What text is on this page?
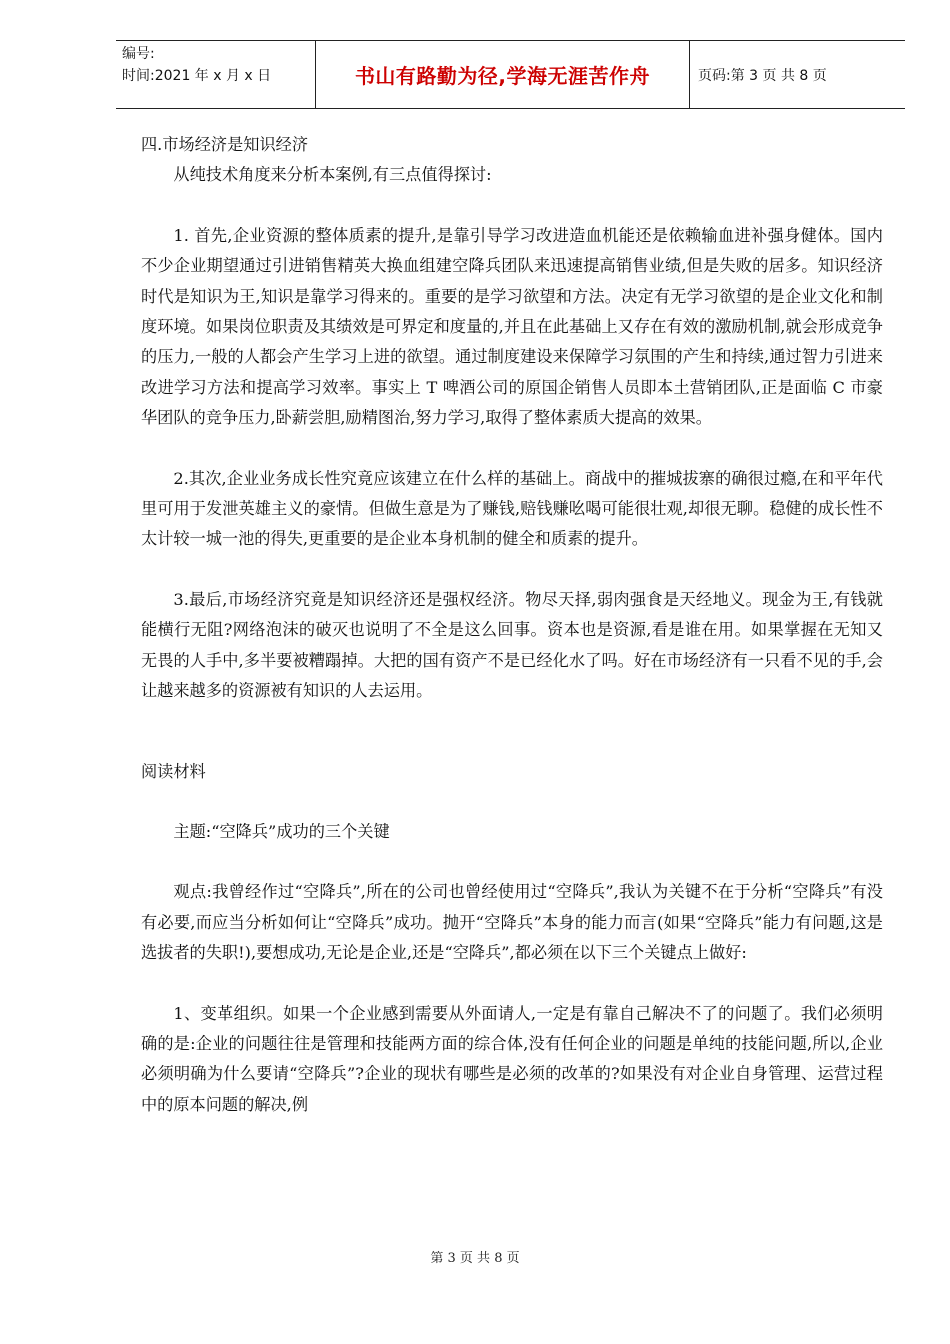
编号:
时间:2021 年 x 月 x 日	书山有路勤为径,学海无涯苦作舟	页码:第 3 页 共 8 页

四.市场经济是知识经济

从纯技术角度来分析本案例,有三点值得探讨:

1. 首先,企业资源的整体质素的提升,是靠引导学习改进造血机能还是依赖输血进补强身健体。国内不少企业期望通过引进销售精英大换血组建空降兵团队来迅速提高销售业绩,但是失败的居多。知识经济时代是知识为王,知识是靠学习得来的。重要的是学习欲望和方法。决定有无学习欲望的是企业文化和制度环境。如果岗位职责及其绩效是可界定和度量的,并且在此基础上又存在有效的激励机制,就会形成竞争的压力,一般的人都会产生学习上进的欲望。通过制度建设来保障学习氛围的产生和持续,通过智力引进来改进学习方法和提高学习效率。事实上 T 啤酒公司的原国企销售人员即本土营销团队,正是面临 C 市豪华团队的竞争压力,卧薪尝胆,励精图治,努力学习,取得了整体素质大提高的效果。

2.其次,企业业务成长性究竟应该建立在什么样的基础上。商战中的摧城拔寨的确很过瘾,在和平年代里可用于发泄英雄主义的豪情。但做生意是为了赚钱,赔钱赚吆喝可能很壮观,却很无聊。稳健的成长性不太计较一城一池的得失,更重要的是企业本身机制的健全和质素的提升。

3.最后,市场经济究竟是知识经济还是强权经济。物尽天择,弱肉强食是天经地义。现金为王,有钱就能横行无阻?网络泡沫的破灭也说明了不全是这么回事。资本也是资源,看是谁在用。如果掌握在无知又无畏的人手中,多半要被糟蹋掉。大把的国有资产不是已经化水了吗。好在市场经济有一只看不见的手,会让越来越多的资源被有知识的人去运用。

阅读材料

主题:“空降兵”成功的三个关键

观点:我曾经作过“空降兵”,所在的公司也曾经使用过“空降兵”,我认为关键不在于分析“空降兵”有没有必要,而应当分析如何让“空降兵”成功。抛开“空降兵”本身的能力而言(如果“空降兵”能力有问题,这是选拔者的失职!),要想成功,无论是企业,还是“空降兵”,都必须在以下三个关键点上做好:

1、变革组织。如果一个企业感到需要从外面请人,一定是有靠自己解决不了的问题了。我们必须明确的是:企业的问题往往是管理和技能两方面的综合体,没有任何企业的问题是单纯的技能问题,所以,企业必须明确为什么要请“空降兵”?企业的现状有哪些是必须的改革的?如果没有对企业自身管理、运营过程中的原本问题的解决,例

第 3 页 共 8 页
